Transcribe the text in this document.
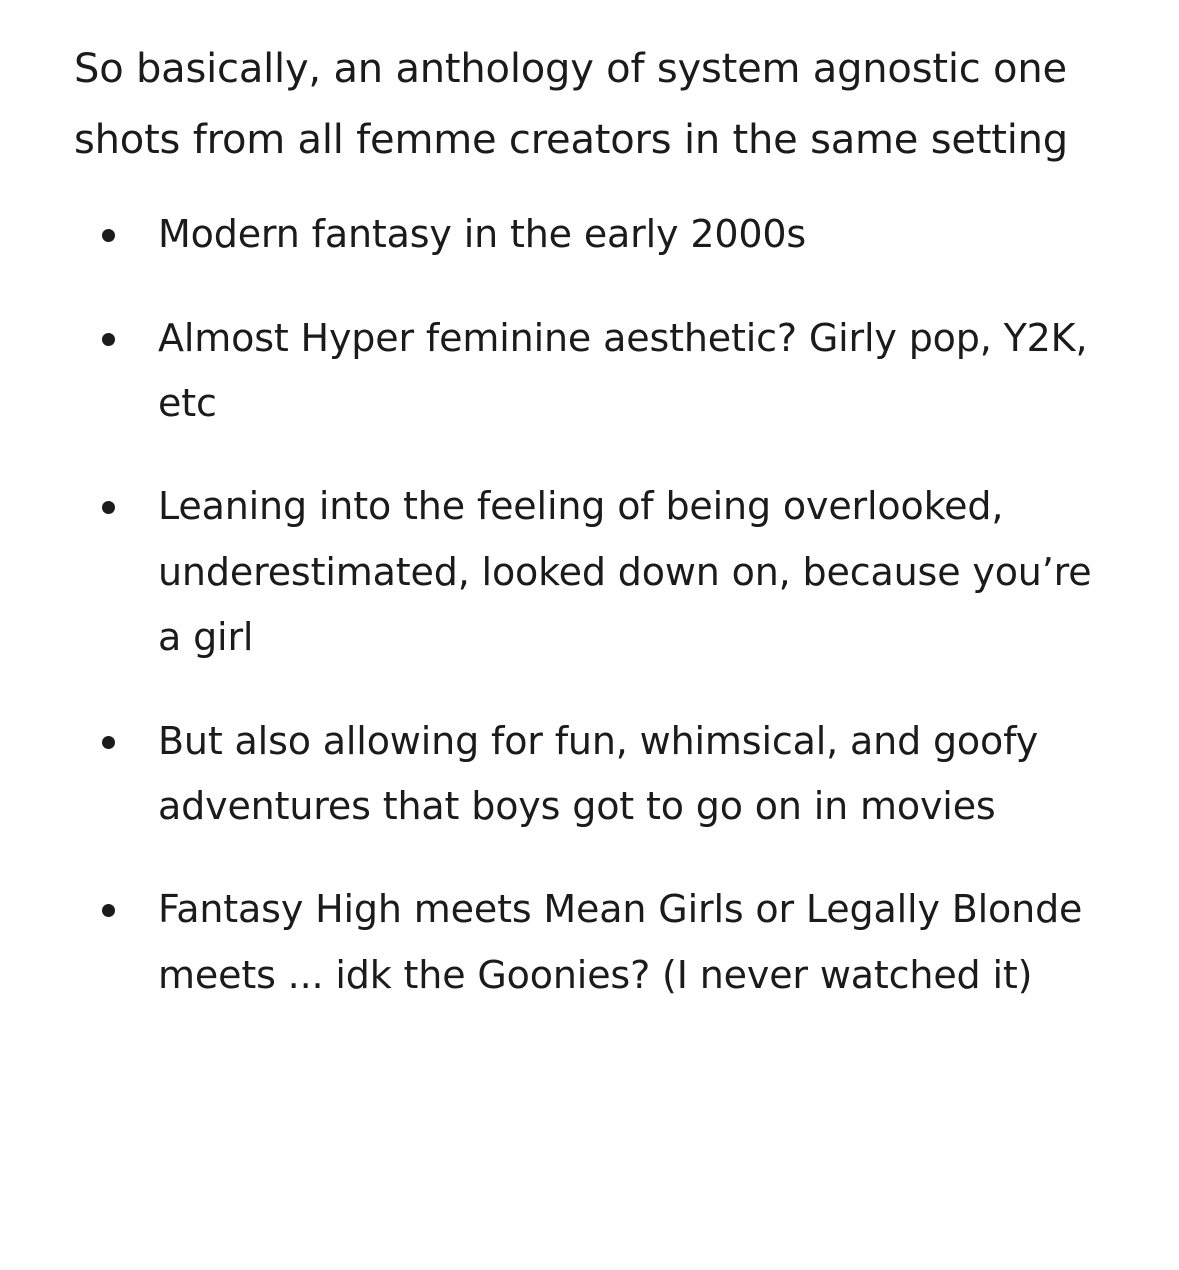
So basically, an anthology of system agnostic one shots from all femme creators in the same setting

Modern fantasy in the early 2000s
Almost Hyper feminine aesthetic? Girly pop, Y2K, etc
Leaning into the feeling of being overlooked, underestimated, looked down on, because you’re a girl
But also allowing for fun, whimsical, and goofy adventures that boys got to go on in movies
Fantasy High meets Mean Girls or Legally Blonde meets ... idk the Goonies? (I never watched it)
